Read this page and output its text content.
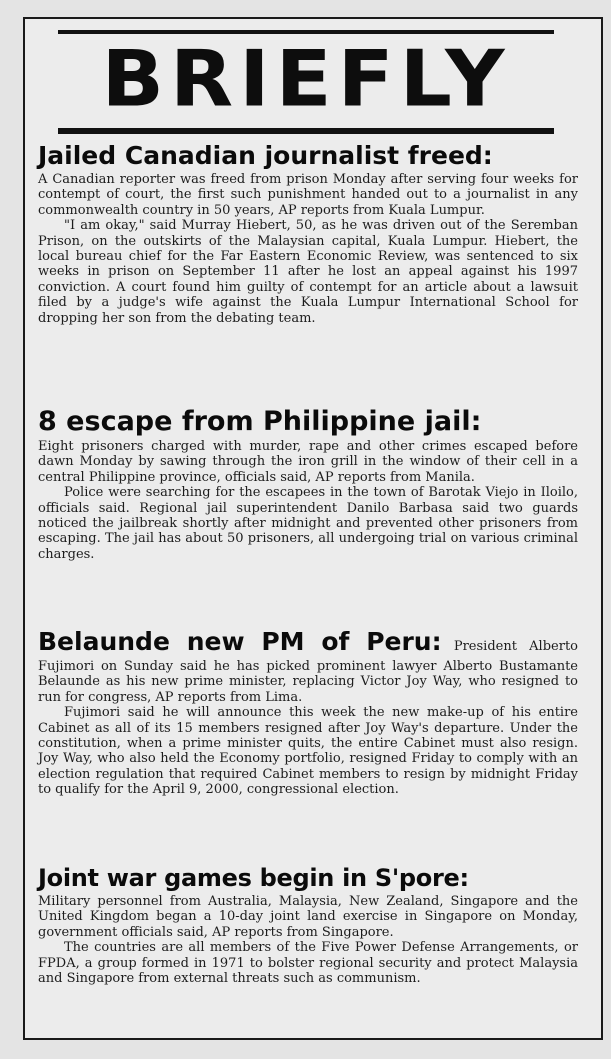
BRIEFLY
Jailed Canadian journalist freed:

A Canadian reporter was freed from prison Monday after serving four weeks for contempt of court, the first such punishment handed out to a journalist in any commonwealth country in 50 years, AP reports from Kuala Lumpur.

"I am okay," said Murray Hiebert, 50, as he was driven out of the Seremban Prison, on the outskirts of the Malaysian capital, Kuala Lumpur. Hiebert, the local bureau chief for the Far Eastern Economic Review, was sentenced to six weeks in prison on September 11 after he lost an appeal against his 1997 conviction. A court found him guilty of contempt for an article about a lawsuit filed by a judge's wife against the Kuala Lumpur International School for dropping her son from the debating team.

8 escape from Philippine jail:

Eight prisoners charged with murder, rape and other crimes escaped before dawn Monday by sawing through the iron grill in the window of their cell in a central Philippine province, officials said, AP reports from Manila.

Police were searching for the escapees in the town of Barotak Viejo in Iloilo, officials said. Regional jail superintendent Danilo Barbasa said two guards noticed the jailbreak shortly after midnight and prevented other prisoners from escaping. The jail has about 50 prisoners, all undergoing trial on various criminal charges.

Belaunde new PM of Peru: President Alberto Fujimori on Sunday said he has picked prominent lawyer Alberto Bustamante Belaunde as his new prime minister, replacing Victor Joy Way, who resigned to run for congress, AP reports from Lima.

Fujimori said he will announce this week the new make-up of his entire Cabinet as all of its 15 members resigned after Joy Way's departure. Under the constitution, when a prime minister quits, the entire Cabinet must also resign. Joy Way, who also held the Economy portfolio, resigned Friday to comply with an election regulation that required Cabinet members to resign by midnight Friday to qualify for the April 9, 2000, congressional election.

Joint war games begin in S'pore:

Military personnel from Australia, Malaysia, New Zealand, Singapore and the United Kingdom began a 10-day joint land exercise in Singapore on Monday, government officials said, AP reports from Singapore.

The countries are all members of the Five Power Defense Arrangements, or FPDA, a group formed in 1971 to bolster regional security and protect Malaysia and Singapore from external threats such as communism.
